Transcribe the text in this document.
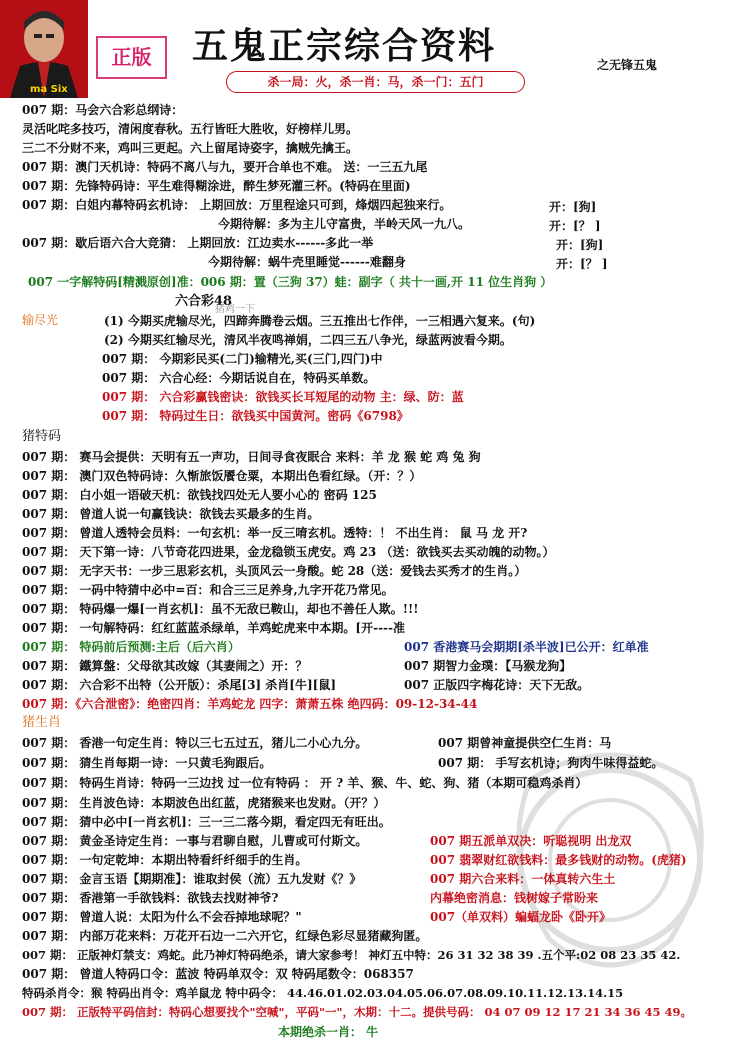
ma Six
正版	五鬼正宗综合资料	之无锋五鬼
杀一局：火，杀一肖：马，杀一门：五门
007 期：马会六合彩总纲诗：
灵活叱咤多技巧，清闲度春秋。五行皆旺大胜收，好榜样儿男。
三二不分财不来，鸡叫三更起。六上留尾诗姿字，擒贼先擒王。
007 期：澳门天机诗：特码不离八与九，要开合单也不难。 送：一三五九尾
007 期：先锋特码诗：平生难得糊涂进，醉生梦死灌三杯。(特码在里面)
007 期：白姐内幕特码玄机诗： 上期回放：万里程途只可到，烽烟四起独来行。	开：[狗]
今期待解：多为主儿守富贵，半岭天风一九八。	开：[？ ]
007 期：歇后语六合大竞猜： 上期回放：江边卖水------多此一举	开：[狗]
今期待解：蜗牛壳里睡觉------难翻身	开：[？ ]
007 一字解特码[精溅原创]准：006 期：置（三狗 37）蛙：副字（ 共十一画,开 11 位生肖狗 ）
六合彩48
猪鸡一下
输尽光	(1) 今期买虎输尽光，四蹄奔腾卷云烟。三五推出七作伴，一三相遇六复来。(句)
(2) 今期买红输尽光，清风半夜鸣禅娟，二四三五八争光，绿蓝两波看今期。
007 期： 今期彩民买(二门)输精光,买(三门,四门)中
007 期： 六合心经：今期话说自在，特码买单数。
007 期： 六合彩赢钱密诀：欲钱买长耳短尾的动物 主：绿、防：蓝
007 期： 特码过生日：欲钱买中国黄河。密码《6798》
猪特码
007 期： 赛马会提供：天明有五一声功，日间寻食夜眠合 来料：羊 龙 猴 蛇 鸡 兔 狗
007 期： 澳门双色特码诗：久惭旅饭餍仓粟，本期出色看红绿。（开：？）
007 期： 白小姐一语破天机：欲钱找四处无人要小心的 密码 125
007 期： 曾道人说一句赢钱诀：欲钱去买最多的生肖。
007 期： 曾道人透特会员料：一句玄机：举一反三唷玄机。透特：！ 不出生肖： 鼠 马 龙 开?
007 期： 天下第一诗：八节奇花四进果，金龙稳锁玉虎安。鸡 23 （送：欲钱买去买动魄的动物。）
007 期： 无字天书：一步三思彩玄机，头顶风云一身酸。蛇 28（送：爱钱去买秀才的生肖。）
007 期： 一码中特猜中必中=百：和合三三足养身,九字开花乃常见。
007 期： 特码爆一爆[一肖玄机]：虽不无敌已鞍山，却也不善任人欺。!!!
007 期： 一句解特码：红红蓝蓝杀绿单，羊鸡蛇虎来中本期。[开----准
007 期： 特码前后预测:主后（后六肖）	007 香港赛马会期期[杀半波]已公开：红单准
007 期： 鐵算盤：父母欲其改嫁（其妻闹之）开：？	007 期智力金璞：【马猴龙狗】
007 期： 六合彩不出特（公开版）：杀尾[3] 杀肖[牛][鼠]	007 正版四字梅花诗：天下无敌。
007 期：《六合泄密》：绝密四肖：羊鸡蛇龙 四字：萧萧五株 绝四码：09-12-34-44
猪生肖
007 期： 香港一句定生肖：特以三七五过五，猪儿二小心九分。	007 期曾神童提供空仁生肖：马
007 期： 猜生肖每期一诗：一只黄毛狗跟后。	007 期： 手写玄机诗；狗肉牛味得益蛇。
007 期： 特码生肖诗：特码一三边找 过一位有特码 ： 开 ? 羊、猴、牛、蛇、狗、猪（本期可稳鸡杀肖）
007 期： 生肖波色诗：本期波色出红蓝，虎猪猴来也发财。（开？）
007 期： 猜中必中[一肖玄机]：三一三二落今期，看定四无有旺出。
007 期： 黄金圣诗定生肖：一事与君聊自慰，儿曹或可付斯文。	007 期五派单双决：听聪视明 出龙双
007 期： 一句定乾坤：本期出特看纤纤细手的生肖。	007 翡翠财红欲钱料：最多钱财的动物。(虎猪)
007 期： 金言玉语【期期准】：谁取封侯（流）五九发财《？》	007 期六合来料：一体真转六生土
007 期： 香港第一手欲钱料：欲钱去找财神爷?	内幕绝密消息：钱树嫁子常盼来
007 期： 曾道人说：太阳为什么不会吞掉地球呢？"	007（单双料）蝙蝠龙卧《卧开》
007 期： 内部万花来料：万花开石边一二六开它，红绿色彩尽显猪藏狗匿。
007 期： 正版神灯禁支：鸡蛇。此乃神灯特码绝杀，请大家参考！ 神灯五中特：26 31 32 38 39 .五个平:02 08 23 35 42.
007 期： 曾道人特码口令：蓝波 特码单双令：双 特码尾数令：068357
特码杀肖令：猴 特码出肖令：鸡羊鼠龙 特中码令： 44.46.01.02.03.04.05.06.07.08.09.10.11.12.13.14.15
007 期： 正版特平码信封：特码心想要找个"空喊"，平码"一"，木期：十二。提供号码： 04 07 09 12 17 21 34 36 45 49。
本期绝杀一肖： 牛
